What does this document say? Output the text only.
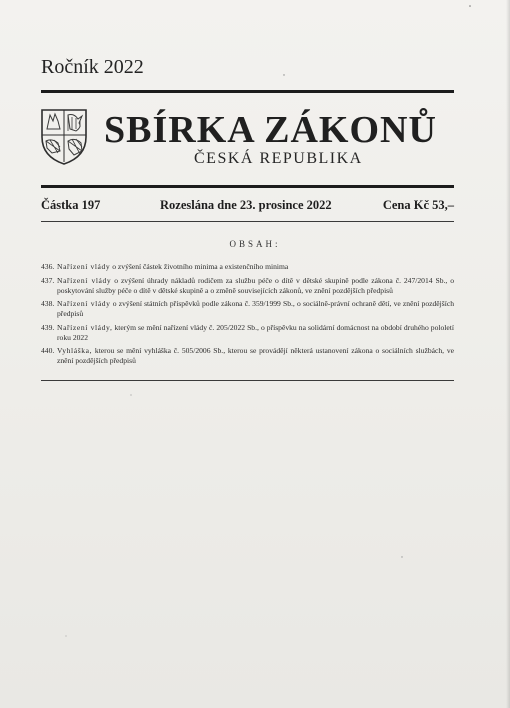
Ročník 2022
SBÍRKA ZÁKONŮ
ČESKÁ REPUBLIKA
Částka 197	Rozeslána dne 23. prosince 2022	Cena Kč 53,–
OBSAH:
436. Nařízení vlády o zvýšení částek životního minima a existenčního minima
437. Nařízení vlády o zvýšení úhrady nákladů rodičem za službu péče o dítě v dětské skupině podle zákona č. 247/2014 Sb., o poskytování služby péče o dítě v dětské skupině a o změně souvisejících zákonů, ve znění pozdějších předpisů
438. Nařízení vlády o zvýšení státních příspěvků podle zákona č. 359/1999 Sb., o sociálně-právní ochraně dětí, ve znění pozdějších předpisů
439. Nařízení vlády, kterým se mění nařízení vlády č. 205/2022 Sb., o příspěvku na solidární domácnost na období druhého pololetí roku 2022
440. Vyhláška, kterou se mění vyhláška č. 505/2006 Sb., kterou se provádějí některá ustanovení zákona o sociálních službách, ve znění pozdějších předpisů
